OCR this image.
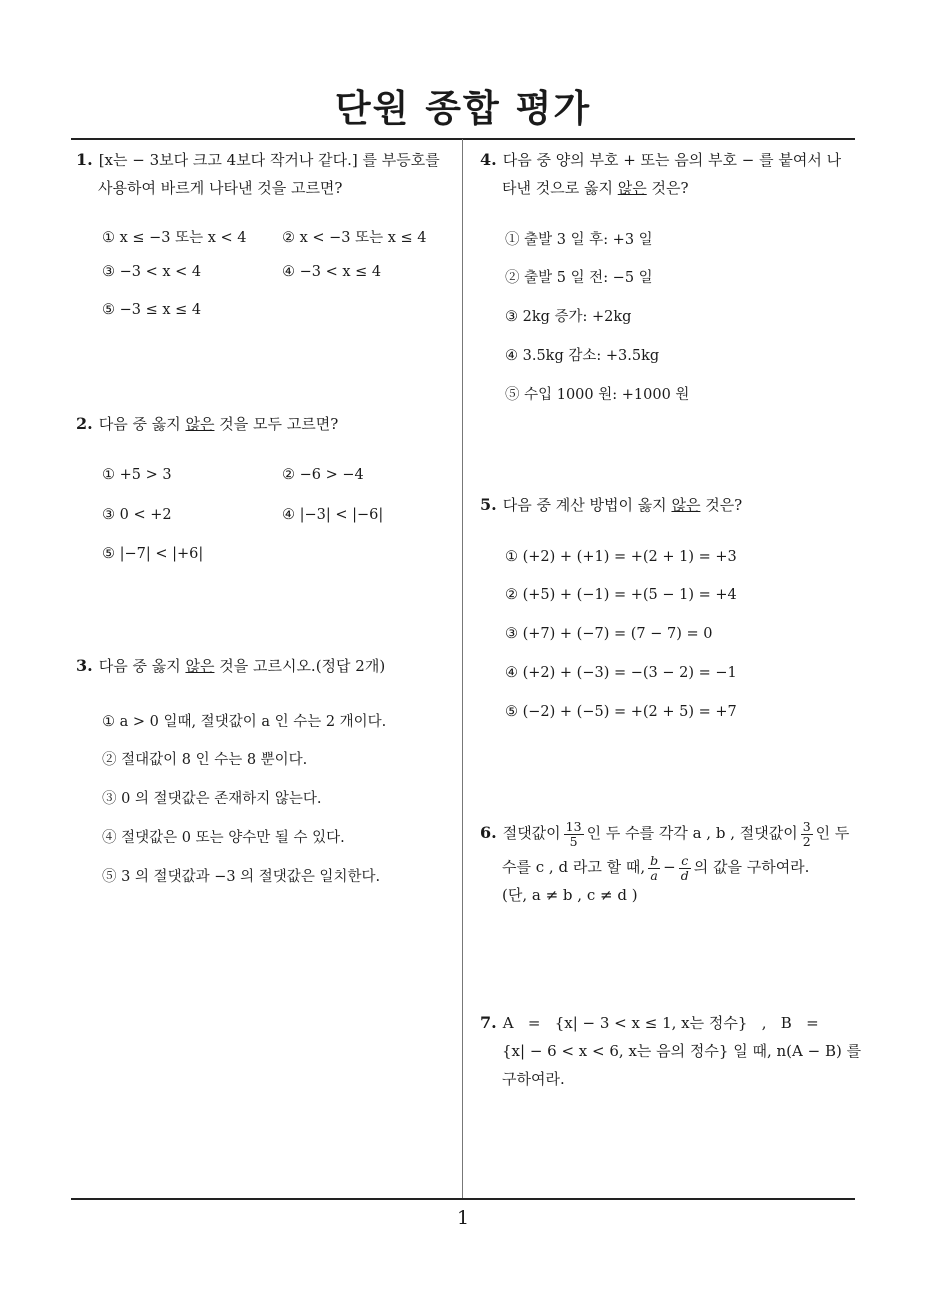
단원 종합 평가
1
1. [x는 − 3보다 크고 4보다 작거나 같다.] 를 부등호를
사용하여 바르게 나타낸 것을 고르면?
① x ≤ −3 또는 x < 4 ② x < −3 또는 x ≤ 4
③ −3 < x < 4	④ −3 < x ≤ 4
⑤ −3 ≤ x ≤ 4
2. 다음 중 옳지 않은 것을 모두 고르면?
① +5 > 3	② −6 > −4
③ 0 < +2	④ |−3| < |−6|
⑤ |−7| < |+6|
3. 다음 중 옳지 않은 것을 고르시오.(정답 2개)
① a > 0 일때, 절댓값이 a 인 수는 2 개이다.
② 절대값이 8 인 수는 8 뿐이다.
③ 0 의 절댓값은 존재하지 않는다.
④ 절댓값은 0 또는 양수만 될 수 있다.
⑤ 3 의 절댓값과 −3 의 절댓값은 일치한다.
4. 다음 중 양의 부호 + 또는 음의 부호 − 를 붙여서 나
타낸 것으로 옳지 않은 것은?
① 출발 3 일 후: +3 일
② 출발 5 일 전: −5 일
③ 2kg 증가: +2kg
④ 3.5kg 감소: +3.5kg
⑤ 수입 1000 원: +1000 원
5. 다음 중 계산 방법이 옳지 않은 것은?
① (+2) + (+1) = +(2 + 1) = +3
② (+5) + (−1) = +(5 − 1) = +4
③ (+7) + (−7) = (7 − 7) = 0
④ (+2) + (−3) = −(3 − 2) = −1
⑤ (−2) + (−5) = +(2 + 5) = +7
6. 절댓값이 $\frac{13}{5}$ 인 두 수를 각각 a , b , 절댓값이 $\frac{3}{2}$ 인 두
수를 c , d 라고 할 때, $\frac{b}{a} - \frac{c}{d}$ 의 값을 구하여라.
(단, a ≠ b , c ≠ d )
7. A   =   {x| − 3 < x ≤ 1, x는 정수}   ,   B   =
{x| − 6 < x < 6, x는 음의 정수} 일 때, n(A − B) 를
구하여라.
